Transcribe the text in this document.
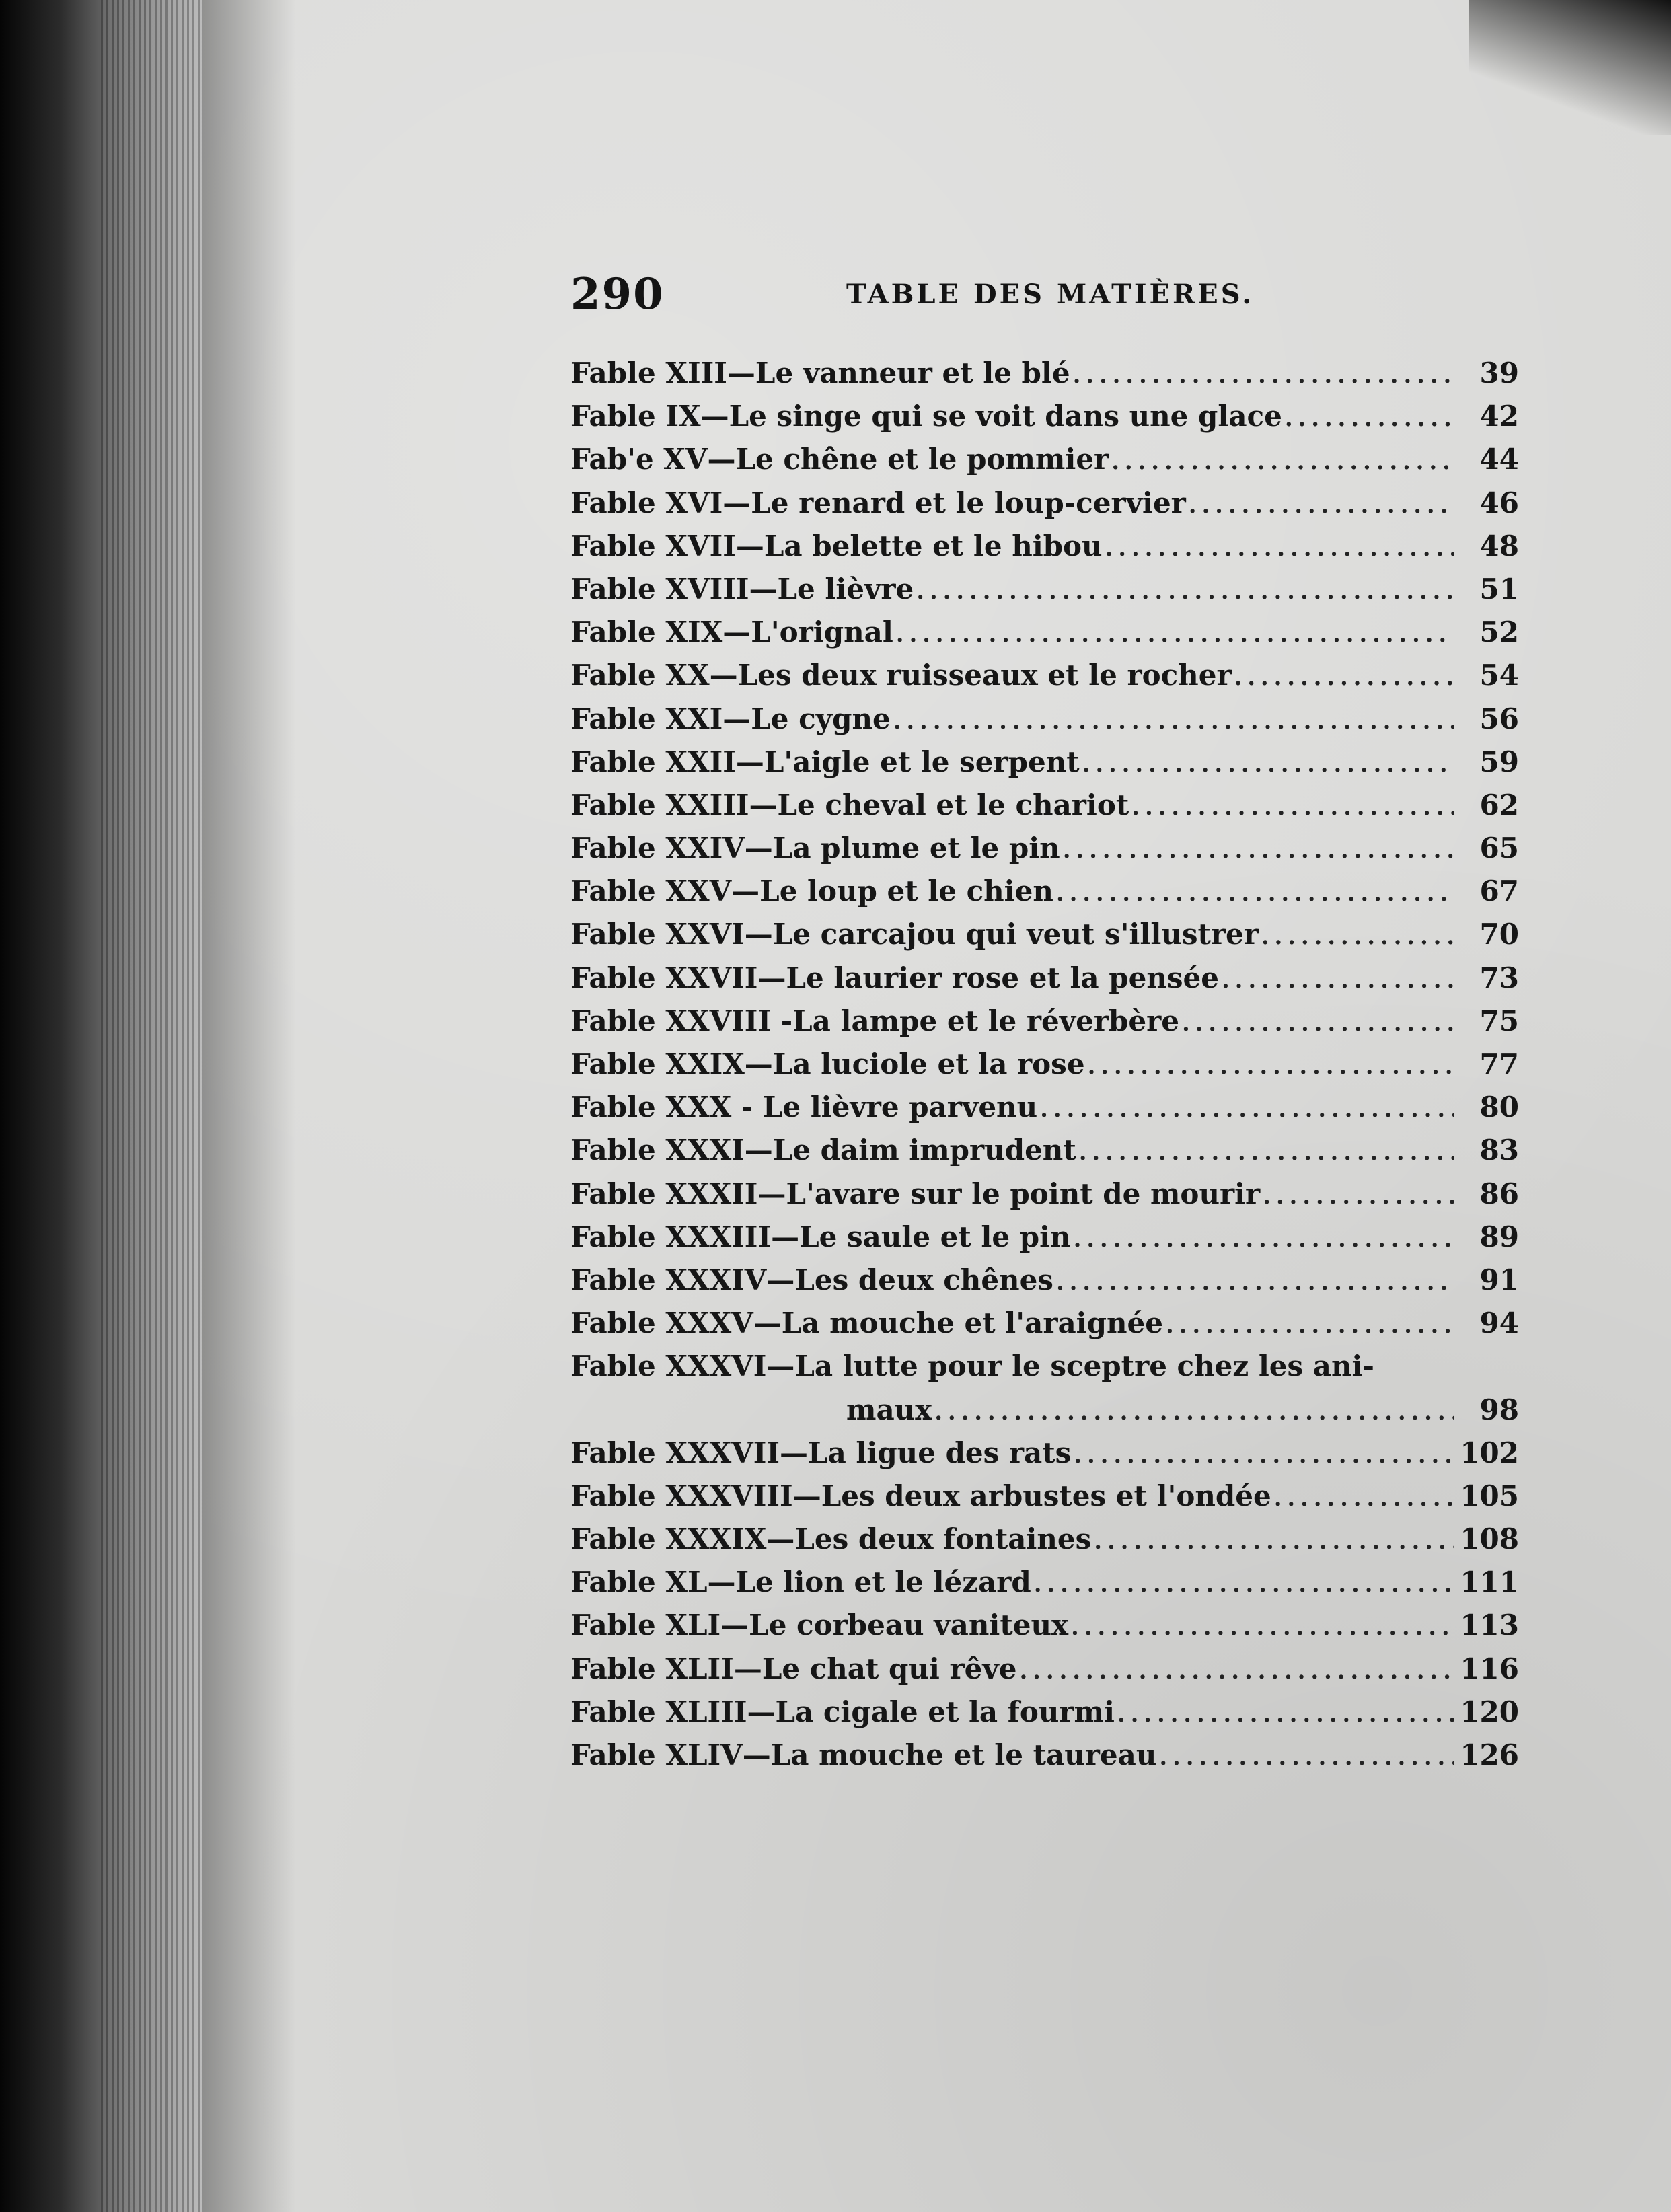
290	TABLE DES MATIÈRES.
Fable XIII—Le vanneur et le blé . . .	39
Fable IX—Le singe qui se voit dans une glace . . .	42
Fab'e XV—Le chêne et le pommier . . .	44
Fable XVI—Le renard et le loup-cervier . . .	46
Fable XVII—La belette et le hibou . . .	48
Fable XVIII—Le lièvre . . .	51
Fable XIX—L'orignal . . .	52
Fable XX—Les deux ruisseaux et le rocher . . .	54
Fable XXI—Le cygne . . .	56
Fable XXII—L'aigle et le serpent . . .	59
Fable XXIII—Le cheval et le chariot . . .	62
Fable XXIV—La plume et le pin . . .	65
Fable XXV—Le loup et le chien . . .	67
Fable XXVI—Le carcajou qui veut s'illustrer . . .	70
Fable XXVII—Le laurier rose et la pensée . . .	73
Fable XXVIII -La lampe et le réverbère . . .	75
Fable XXIX—La luciole et la rose . . .	77
Fable XXX - Le lièvre parvenu . . .	80
Fable XXXI—Le daim imprudent . . .	83
Fable XXXII—L'avare sur le point de mourir . . .	86
Fable XXXIII—Le saule et le pin . . .	89
Fable XXXIV—Les deux chênes . . .	91
Fable XXXV—La mouche et l'araignée . . .	94
Fable XXXVI—La lutte pour le sceptre chez les ani-
maux . . .	98
Fable XXXVII—La ligue des rats . . .	102
Fable XXXVIII—Les deux arbustes et l'ondée . . .	105
Fable XXXIX—Les deux fontaines . . .	108
Fable XL—Le lion et le lézard . . .	111
Fable XLI—Le corbeau vaniteux . . .	113
Fable XLII—Le chat qui rêve . . .	116
Fable XLIII—La cigale et la fourmi . . .	120
Fable XLIV—La mouche et le taureau . . .	126
